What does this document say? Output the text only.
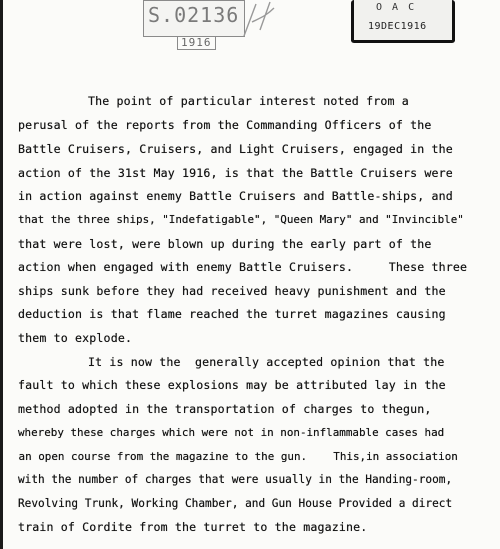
S.02136
1916
O A C
19DEC1916
The point of particular interest noted from a
perusal of the reports from the Commanding Officers of the
Battle Cruisers, Cruisers, and Light Cruisers, engaged in the
action of the 31st May 1916, is that the Battle Cruisers were
in action against enemy Battle Cruisers and Battle-ships, and
that the three ships, "Indefatigable", "Queen Mary" and "Invincible"
that were lost, were blown up during the early part of the
action when engaged with enemy Battle Cruisers.     These three
ships sunk before they had received heavy punishment and the
deduction is that flame reached the turret magazines causing
them to explode.
It is now the  generally accepted opinion that the
fault to which these explosions may be attributed lay in the
method adopted in the transportation of charges to thegun,
whereby these charges which were not in non-inflammable cases had
an open course from the magazine to the gun.    This,in association
with the number of charges that were usually in the Handing-room,
Revolving Trunk, Working Chamber, and Gun House Provided a direct
train of Cordite from the turret to the magazine.
